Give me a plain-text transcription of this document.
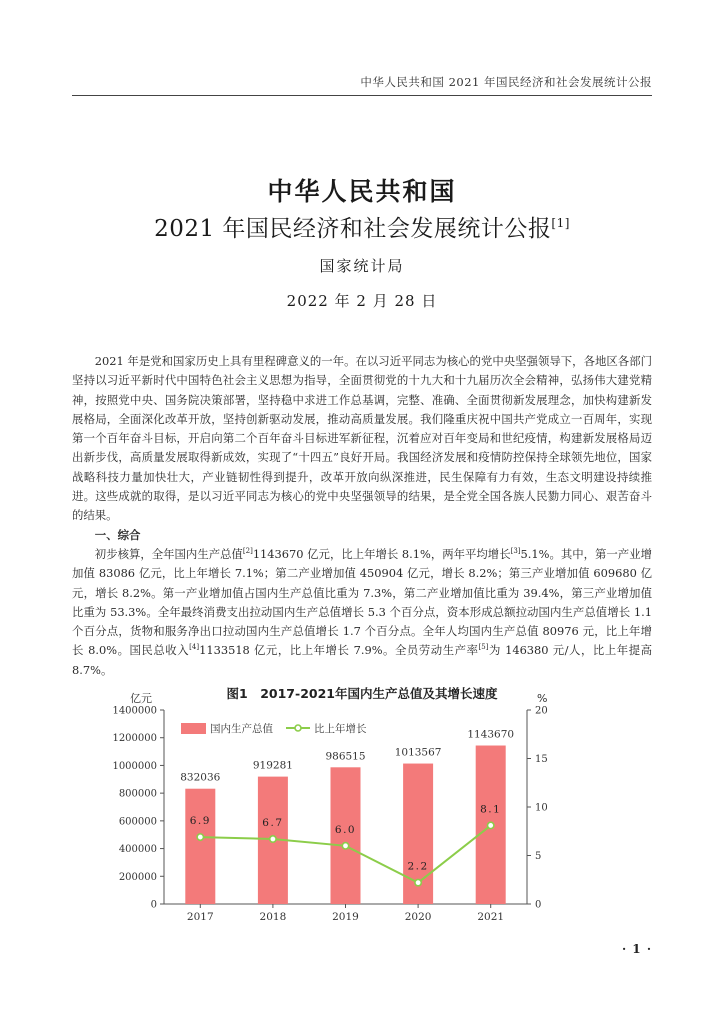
中华人民共和国 2021 年国民经济和社会发展统计公报
中华人民共和国
2021 年国民经济和社会发展统计公报[1]
国家统计局
2022 年 2 月 28 日

2021 年是党和国家历史上具有里程碑意义的一年。在以习近平同志为核心的党中央坚强领导下，各地区各部门坚持以习近平新时代中国特色社会主义思想为指导，全面贯彻党的十九大和十九届历次全会精神，弘扬伟大建党精神，按照党中央、国务院决策部署，坚持稳中求进工作总基调，完整、准确、全面贯彻新发展理念，加快构建新发展格局，全面深化改革开放，坚持创新驱动发展，推动高质量发展。我们隆重庆祝中国共产党成立一百周年，实现第一个百年奋斗目标，开启向第二个百年奋斗目标进军新征程，沉着应对百年变局和世纪疫情，构建新发展格局迈出新步伐，高质量发展取得新成效，实现了“十四五”良好开局。我国经济发展和疫情防控保持全球领先地位，国家战略科技力量加快壮大，产业链韧性得到提升，改革开放向纵深推进，民生保障有力有效，生态文明建设持续推进。这些成就的取得，是以习近平同志为核心的党中央坚强领导的结果，是全党全国各族人民勠力同心、艰苦奋斗的结果。

一、综合

初步核算，全年国内生产总值[2]1143670 亿元，比上年增长 8.1%，两年平均增长[3]5.1%。其中，第一产业增加值 83086 亿元，比上年增长 7.1%；第二产业增加值 450904 亿元，增长 8.2%；第三产业增加值 609680 亿元，增长 8.2%。第一产业增加值占国内生产总值比重为 7.3%，第二产业增加值比重为 39.4%，第三产业增加值比重为 53.3%。全年最终消费支出拉动国内生产总值增长 5.3 个百分点，资本形成总额拉动国内生产总值增长 1.1 个百分点，货物和服务净出口拉动国内生产总值增长 1.7 个百分点。全年人均国内生产总值 80976 元，比上年增长 8.0%。国民总收入[4]1133518 亿元，比上年增长 7.9%。全员劳动生产率[5]为 146380 元/人，比上年提高 8.7%。

图1　2017-2021年国内生产总值及其增长速度
亿元	%
0
200000
400000
600000
800000
1000000
1200000
1400000
0
5
10
15
20
832036
2017
919281
2018
986515
2019
1013567
2020
1143670
2021
6.9	6.7
6.0
2.2
8.1
国内生产总值	比上年增长
· 1 ·
